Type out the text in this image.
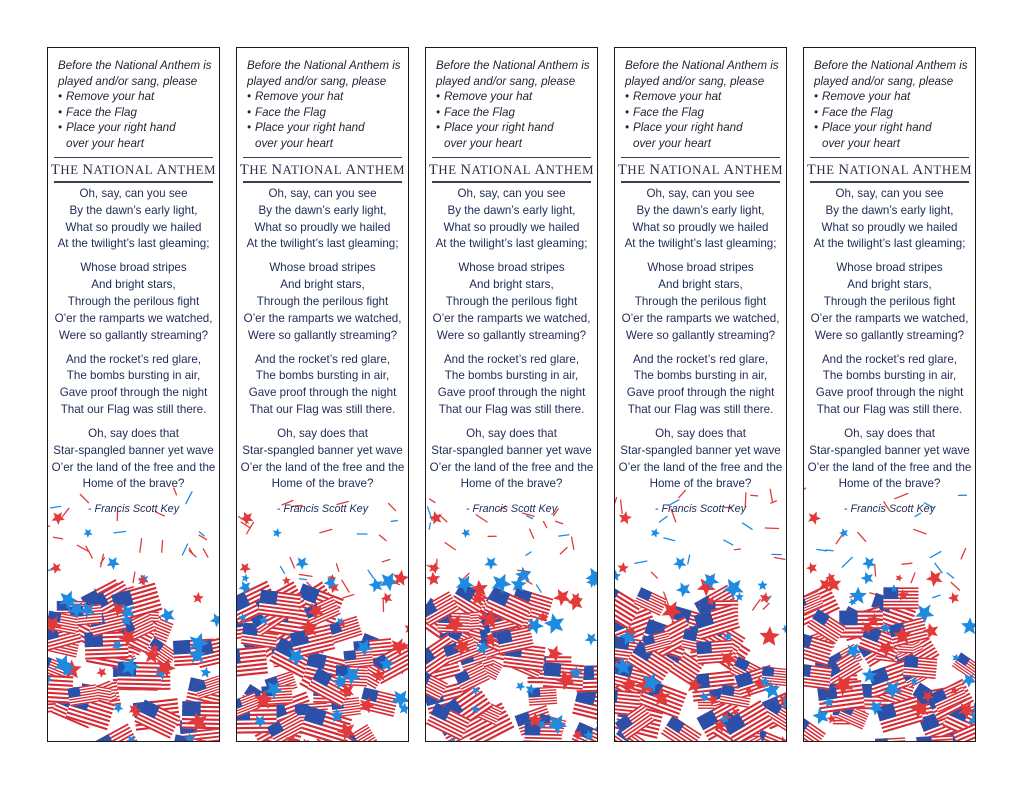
Before the National Anthem is
played and/or sang, please
• Remove your hat
• Face the Flag
• Place your right hand
over your heart
THE NATIONAL ANTHEM
Oh, say, can you see
By the dawn’s early light,
What so proudly we hailed
At the twilight’s last gleaming;
Whose broad stripes
And bright stars,
Through the perilous fight
O’er the ramparts we watched,
Were so gallantly streaming?
And the rocket’s red glare,
The bombs bursting in air,
Gave proof through the night
That our Flag was still there.
Oh, say does that
Star-spangled banner yet wave
O’er the land of the free and the
Home of the brave?
- Francis Scott Key
Before the National Anthem is
played and/or sang, please
• Remove your hat
• Face the Flag
• Place your right hand
over your heart
THE NATIONAL ANTHEM
Oh, say, can you see
By the dawn’s early light,
What so proudly we hailed
At the twilight’s last gleaming;
Whose broad stripes
And bright stars,
Through the perilous fight
O’er the ramparts we watched,
Were so gallantly streaming?
And the rocket’s red glare,
The bombs bursting in air,
Gave proof through the night
That our Flag was still there.
Oh, say does that
Star-spangled banner yet wave
O’er the land of the free and the
Home of the brave?
- Francis Scott Key
Before the National Anthem is
played and/or sang, please
• Remove your hat
• Face the Flag
• Place your right hand
over your heart
THE NATIONAL ANTHEM
Oh, say, can you see
By the dawn’s early light,
What so proudly we hailed
At the twilight’s last gleaming;
Whose broad stripes
And bright stars,
Through the perilous fight
O’er the ramparts we watched,
Were so gallantly streaming?
And the rocket’s red glare,
The bombs bursting in air,
Gave proof through the night
That our Flag was still there.
Oh, say does that
Star-spangled banner yet wave
O’er the land of the free and the
Home of the brave?
- Francis Scott Key
Before the National Anthem is
played and/or sang, please
• Remove your hat
• Face the Flag
• Place your right hand
over your heart
THE NATIONAL ANTHEM
Oh, say, can you see
By the dawn’s early light,
What so proudly we hailed
At the twilight’s last gleaming;
Whose broad stripes
And bright stars,
Through the perilous fight
O’er the ramparts we watched,
Were so gallantly streaming?
And the rocket’s red glare,
The bombs bursting in air,
Gave proof through the night
That our Flag was still there.
Oh, say does that
Star-spangled banner yet wave
O’er the land of the free and the
Home of the brave?
- Francis Scott Key
Before the National Anthem is
played and/or sang, please
• Remove your hat
• Face the Flag
• Place your right hand
over your heart
THE NATIONAL ANTHEM
Oh, say, can you see
By the dawn’s early light,
What so proudly we hailed
At the twilight’s last gleaming;
Whose broad stripes
And bright stars,
Through the perilous fight
O’er the ramparts we watched,
Were so gallantly streaming?
And the rocket’s red glare,
The bombs bursting in air,
Gave proof through the night
That our Flag was still there.
Oh, say does that
Star-spangled banner yet wave
O’er the land of the free and the
Home of the brave?
- Francis Scott Key
